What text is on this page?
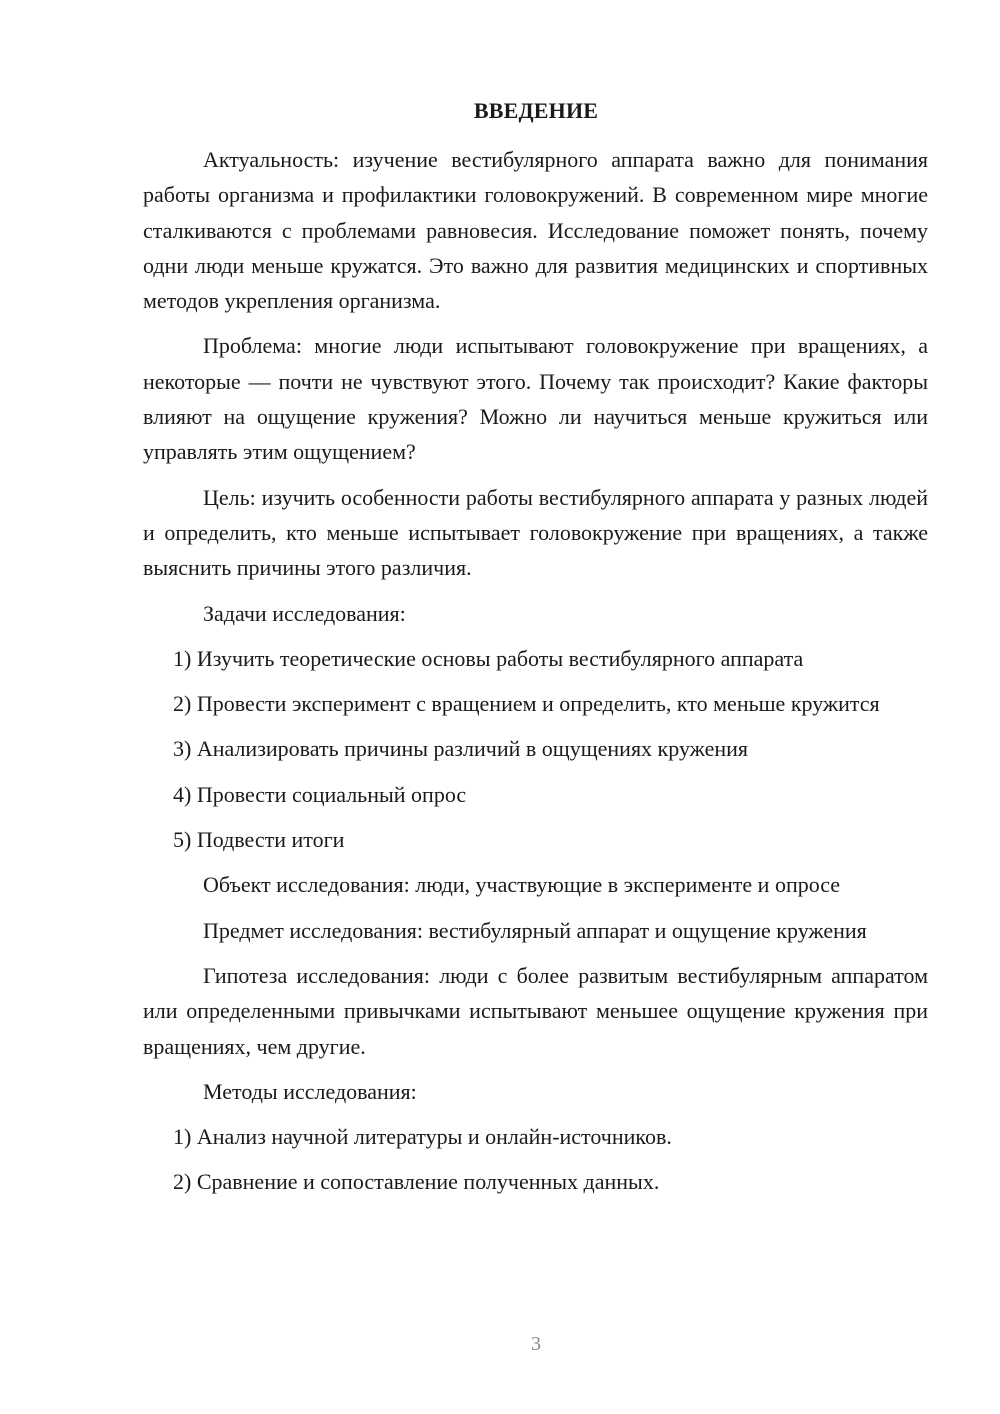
ВВЕДЕНИЕ

Актуальность: изучение вестибулярного аппарата важно для понимания работы организма и профилактики головокружений. В современном мире многие сталкиваются с проблемами равновесия. Исследование поможет понять, почему одни люди меньше кружатся. Это важно для развития медицинских и спортивных методов укрепления организма.

Проблема: многие люди испытывают головокружение при вращениях, а некоторые — почти не чувствуют этого. Почему так происходит? Какие факторы влияют на ощущение кружения? Можно ли научиться меньше кружиться или управлять этим ощущением?

Цель: изучить особенности работы вестибулярного аппарата у разных людей и определить, кто меньше испытывает головокружение при вращениях, а также выяснить причины этого различия.

Задачи исследования:

1) Изучить теоретические основы работы вестибулярного аппарата

2) Провести эксперимент с вращением и определить, кто меньше кружится

3) Анализировать причины различий в ощущениях кружения

4) Провести социальный опрос

5) Подвести итоги

Объект исследования: люди, участвующие в эксперименте и опросе

Предмет исследования: вестибулярный аппарат и ощущение кружения

Гипотеза исследования: люди с более развитым вестибулярным аппаратом или определенными привычками испытывают меньшее ощущение кружения при вращениях, чем другие.

Методы исследования:

1) Анализ научной литературы и онлайн-источников.

2) Сравнение и сопоставление полученных данных.

3
